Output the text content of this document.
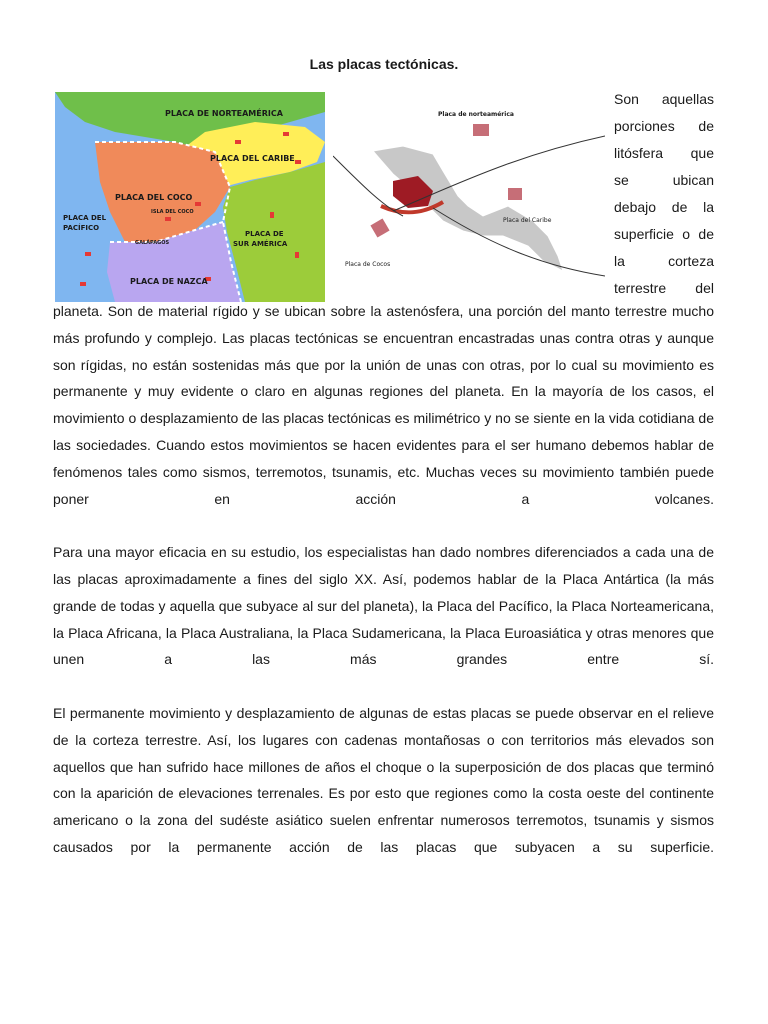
Las placas tectónicas.
PLACA DE NORTEAMÉRICA
PLACA DEL CARIBE
PLACA DEL COCO
ISLA DEL COCO
PLACA DEL
PACÍFICO
PLACA DE
SUR AMÉRICA
GALÁPAGOS
PLACA DE NAZCA
Placa de norteamérica
Placa del Caribe
Placa de Cocos
Son aquellas
porciones de
litósfera que
se ubican
debajo de la
superficie o de
la corteza
terrestre del

planeta. Son de material rígido y se ubican sobre la astenósfera, una porción del manto terrestre mucho más profundo y complejo. Las placas tectónicas se encuentran encastradas unas contra otras y aunque son rígidas, no están sostenidas más que por la unión de unas con otras, por lo cual su movimiento es permanente y muy evidente o claro en algunas regiones del planeta. En la mayoría de los casos, el movimiento o desplazamiento de las placas tectónicas es milimétrico y no se siente en la vida cotidiana de las sociedades. Cuando estos movimientos se hacen evidentes para el ser humano debemos hablar de fenómenos tales como sismos, terremotos, tsunamis, etc. Muchas veces su movimiento también puede poner en acción a volcanes.

Para una mayor eficacia en su estudio, los especialistas han dado nombres diferenciados a cada una de las placas aproximadamente a fines del siglo XX. Así, podemos hablar de la Placa Antártica (la más grande de todas y aquella que subyace al sur del planeta), la Placa del Pacífico, la Placa Norteamericana, la Placa Africana, la Placa Australiana, la Placa Sudamericana, la Placa Euroasiática y otras menores que unen a las más grandes entre sí.

El permanente movimiento y desplazamiento de algunas de estas placas se puede observar en el relieve de la corteza terrestre. Así, los lugares con cadenas montañosas o con territorios más elevados son aquellos que han sufrido hace millones de años el choque o la superposición de dos placas que terminó con la aparición de elevaciones terrenales. Es por esto que regiones como la costa oeste del continente americano o la zona del sudéste asiático suelen enfrentar numerosos terremotos, tsunamis y sismos causados por la permanente acción de las placas que subyacen a su superficie.
